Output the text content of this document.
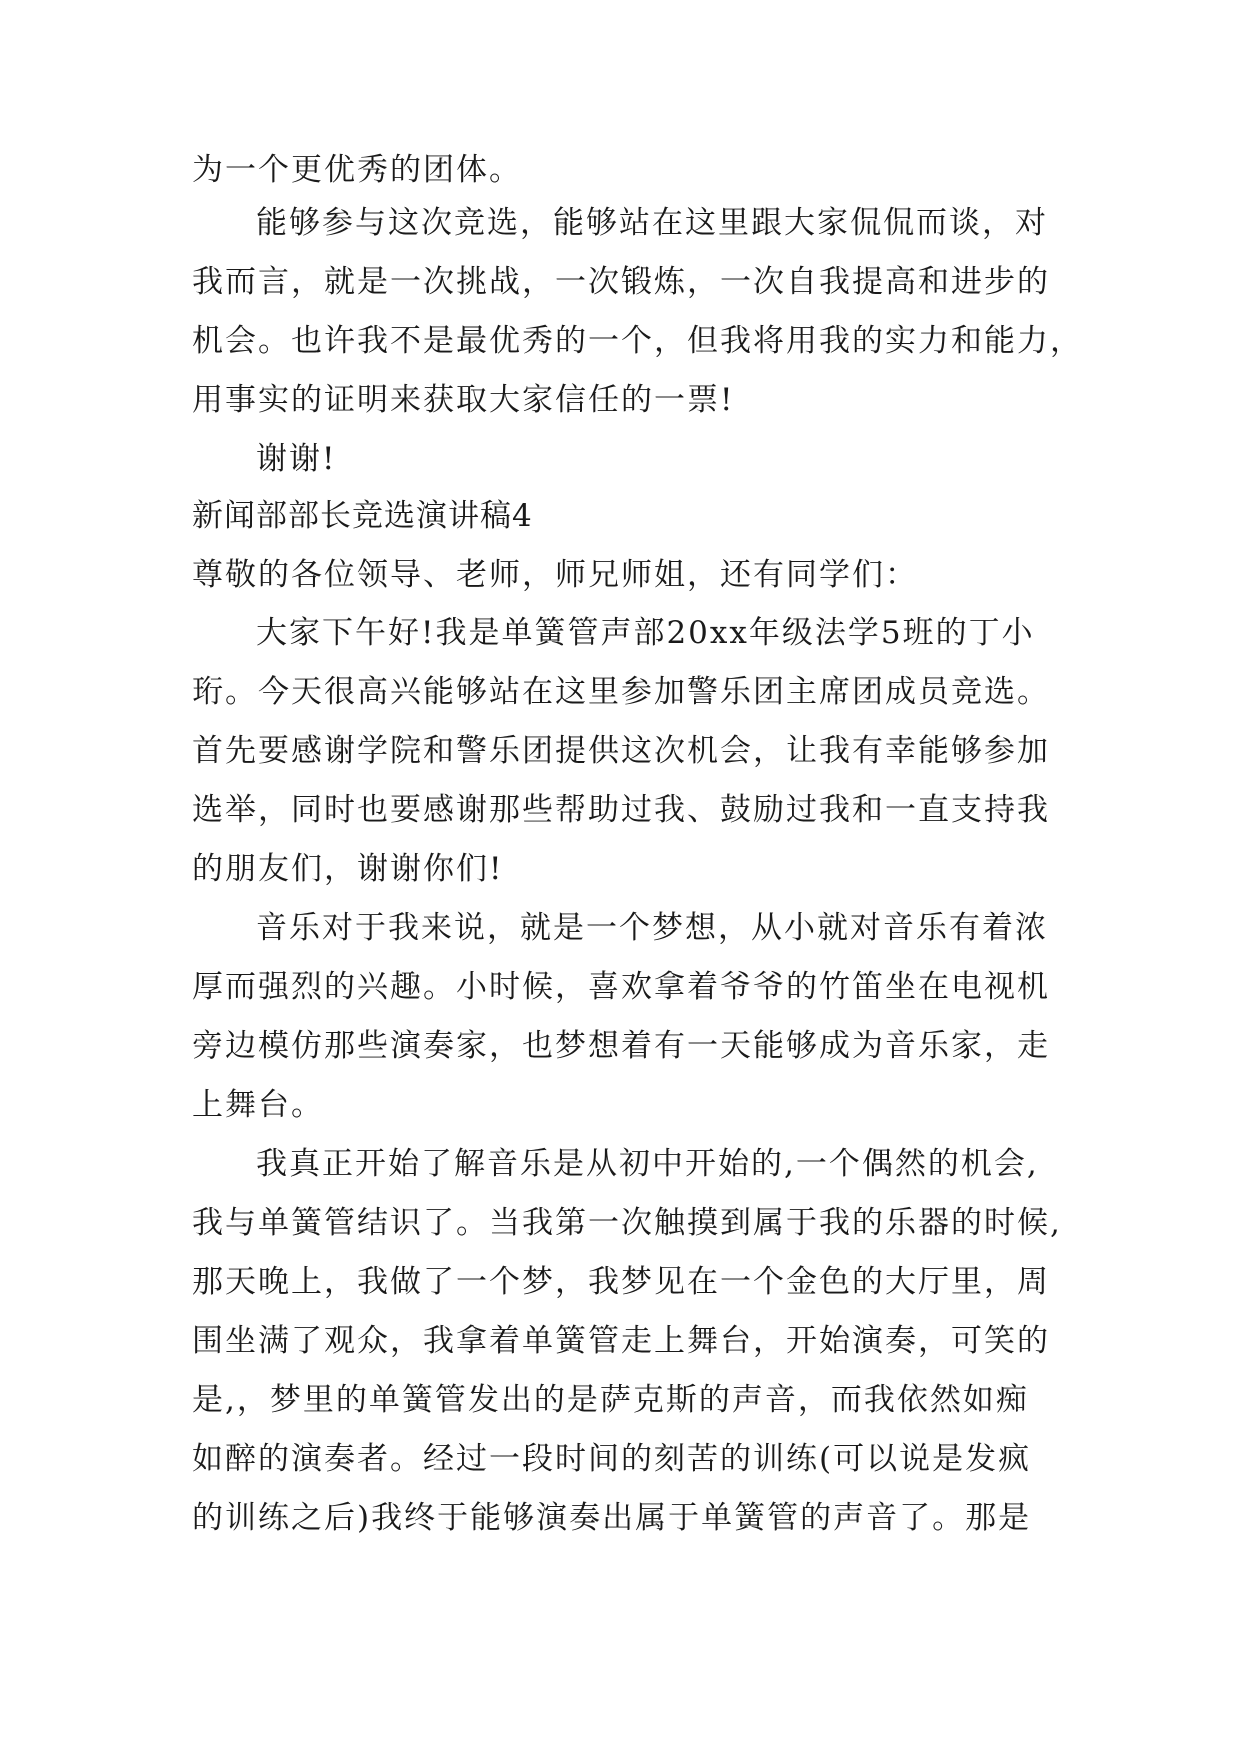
为一个更优秀的团体。
能够参与这次竞选，能够站在这里跟大家侃侃而谈，对
我而言，就是一次挑战，一次锻炼，一次自我提高和进步的
机会。也许我不是最优秀的一个，但我将用我的实力和能力，
用事实的证明来获取大家信任的一票!
谢谢!
新闻部部长竞选演讲稿4
尊敬的各位领导、老师，师兄师姐，还有同学们：
大家下午好!我是单簧管声部20xx年级法学5班的丁小
珩。今天很高兴能够站在这里参加警乐团主席团成员竞选。
首先要感谢学院和警乐团提供这次机会，让我有幸能够参加
选举，同时也要感谢那些帮助过我、鼓励过我和一直支持我
的朋友们，谢谢你们!
音乐对于我来说，就是一个梦想，从小就对音乐有着浓
厚而强烈的兴趣。小时候，喜欢拿着爷爷的竹笛坐在电视机
旁边模仿那些演奏家，也梦想着有一天能够成为音乐家，走
上舞台。
我真正开始了解音乐是从初中开始的,一个偶然的机会,
我与单簧管结识了。当我第一次触摸到属于我的乐器的时候,
那天晚上，我做了一个梦，我梦见在一个金色的大厅里，周
围坐满了观众，我拿着单簧管走上舞台，开始演奏，可笑的
是,，梦里的单簧管发出的是萨克斯的声音，而我依然如痴
如醉的演奏者。经过一段时间的刻苦的训练(可以说是发疯
的训练之后)我终于能够演奏出属于单簧管的声音了。那是
